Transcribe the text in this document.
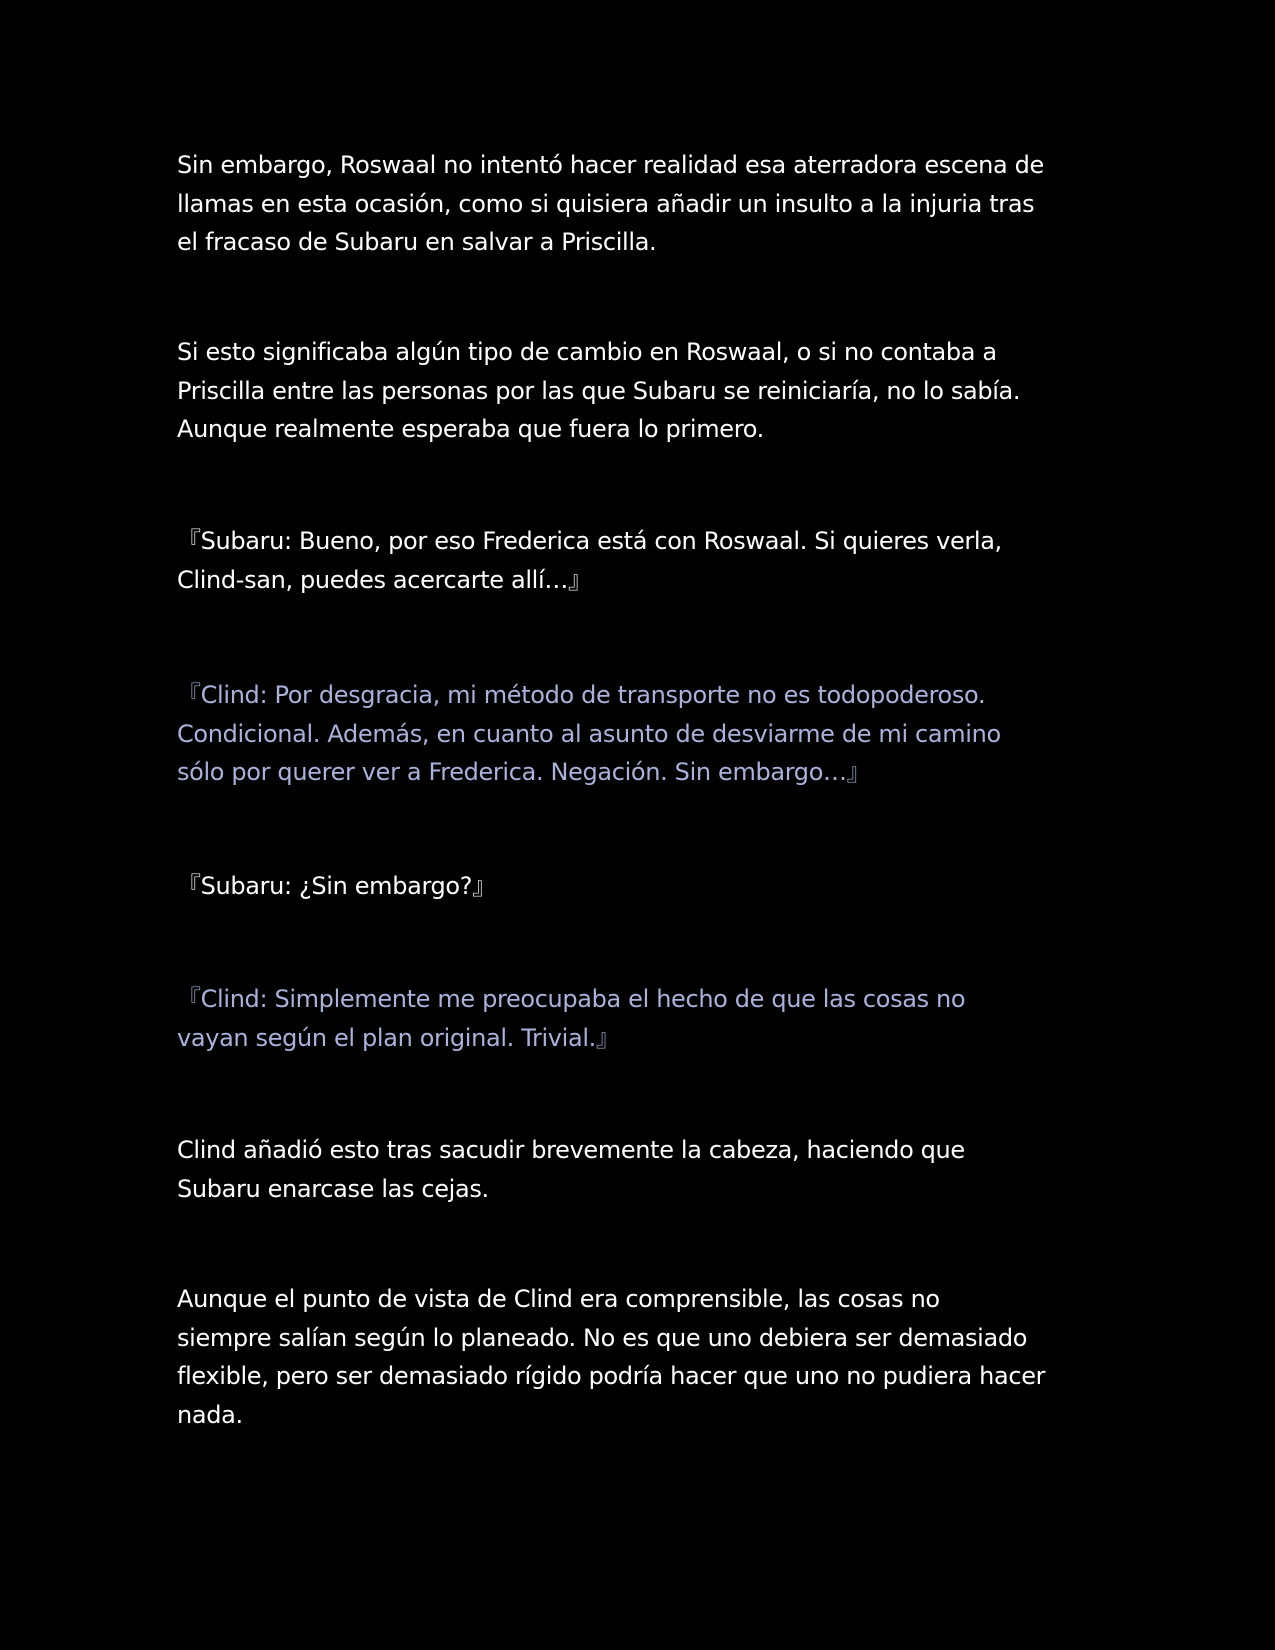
Sin embargo, Roswaal no intentó hacer realidad esa aterradora escena de
llamas en esta ocasión, como si quisiera añadir un insulto a la injuria tras
el fracaso de Subaru en salvar a Priscilla.

Si esto significaba algún tipo de cambio en Roswaal, o si no contaba a
Priscilla entre las personas por las que Subaru se reiniciaría, no lo sabía.
Aunque realmente esperaba que fuera lo primero.

『Subaru: Bueno, por eso Frederica está con Roswaal. Si quieres verla,
Clind-san, puedes acercarte allí…』

『Clind: Por desgracia, mi método de transporte no es todopoderoso.
Condicional. Además, en cuanto al asunto de desviarme de mi camino
sólo por querer ver a Frederica. Negación. Sin embargo…』

『Subaru: ¿Sin embargo?』

『Clind: Simplemente me preocupaba el hecho de que las cosas no
vayan según el plan original. Trivial.』

Clind añadió esto tras sacudir brevemente la cabeza, haciendo que
Subaru enarcase las cejas.

Aunque el punto de vista de Clind era comprensible, las cosas no
siempre salían según lo planeado. No es que uno debiera ser demasiado
flexible, pero ser demasiado rígido podría hacer que uno no pudiera hacer
nada.
